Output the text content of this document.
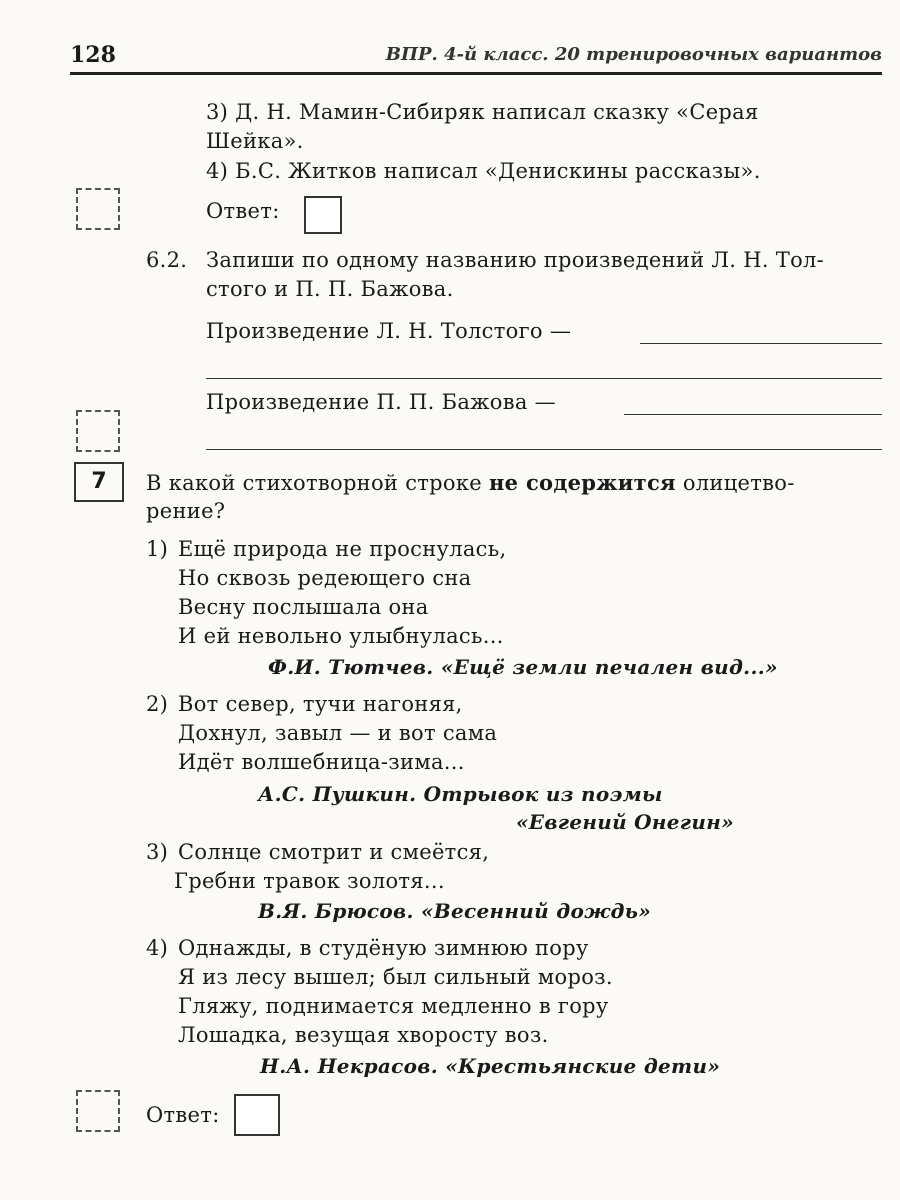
128	ВПР. 4-й класс. 20 тренировочных вариантов
3) Д. Н. Мамин-Сибиряк написал сказку «Серая
Шейка».
4) Б.С. Житков написал «Денискины рассказы».
Ответ:
6.2. Запиши по одному названию произведений Л. Н. Тол-
стого и П. П. Бажова.
Произведение Л. Н. Толстого —
Произведение П. П. Бажова —
7	В какой стихотворной строке не содержится олицетво-
рение?
1) Ещё природа не проснулась,
Но сквозь редеющего сна
Весну послышала она
И ей невольно улыбнулась...
Ф.И. Тютчев. «Ещё земли печален вид...»
2) Вот север, тучи нагоняя,
Дохнул, завыл — и вот сама
Идёт волшебница-зима...
А.С. Пушкин. Отрывок из поэмы
«Евгений Онегин»
3) Солнце смотрит и смеётся,
Гребни травок золотя...
В.Я. Брюсов. «Весенний дождь»
4) Однажды, в студёную зимнюю пору
Я из лесу вышел; был сильный мороз.
Гляжу, поднимается медленно в гору
Лошадка, везущая хворосту воз.
Н.А. Некрасов. «Крестьянские дети»
Ответ:
